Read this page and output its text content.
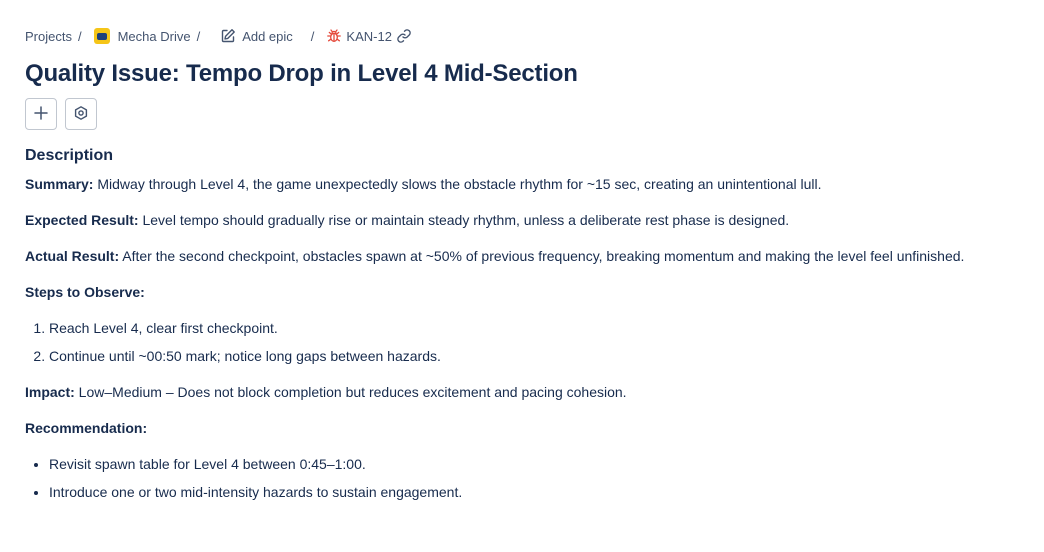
Projects /	Mecha Drive /	Add epic / KAN-12
Quality Issue: Tempo Drop in Level 4 Mid-Section
Description

Summary: Midway through Level 4, the game unexpectedly slows the obstacle rhythm for ~15 sec, creating an unintentional lull.

Expected Result: Level tempo should gradually rise or maintain steady rhythm, unless a deliberate rest phase is designed.

Actual Result: After the second checkpoint, obstacles spawn at ~50% of previous frequency, breaking momentum and making the level feel unfinished.

Steps to Observe:

1. Reach Level 4, clear first checkpoint.
2. Continue until ~00:50 mark; notice long gaps between hazards.

Impact: Low–Medium – Does not block completion but reduces excitement and pacing cohesion.

Recommendation:

• Revisit spawn table for Level 4 between 0:45–1:00.
• Introduce one or two mid-intensity hazards to sustain engagement.
